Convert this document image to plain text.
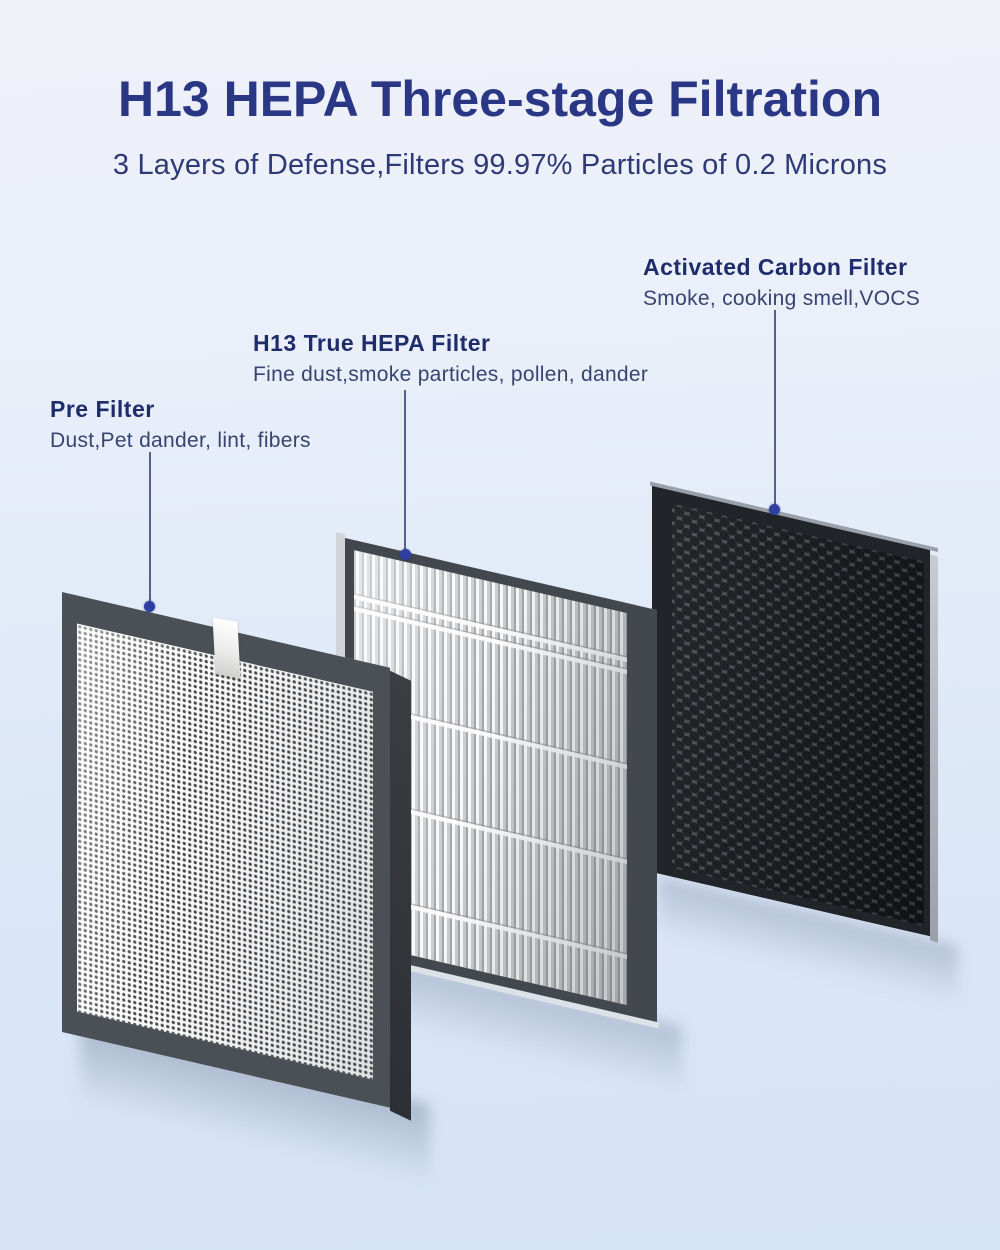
H13 HEPA Three-stage Filtration
3 Layers of Defense,Filters 99.97% Particles of 0.2 Microns
Pre Filter
Dust,Pet dander, lint, fibers
H13 True HEPA Filter
Fine dust,smoke particles, pollen, dander
Activated Carbon Filter
Smoke, cooking smell,VOCS
